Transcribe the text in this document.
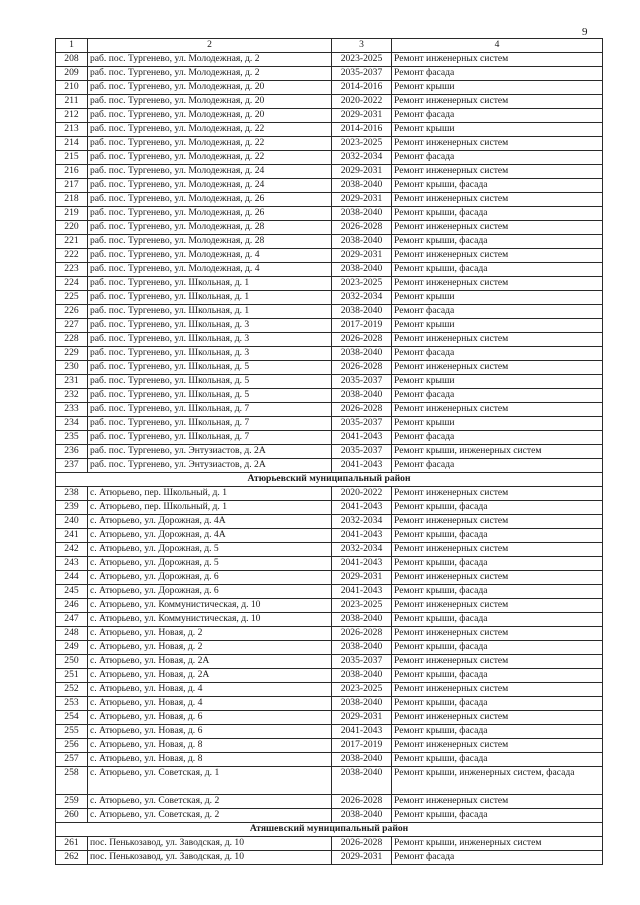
9
1	2	3	4
208	раб. пос. Тургенево, ул. Молодежная, д. 2	2023-2025	Ремонт инженерных систем
209	раб. пос. Тургенево, ул. Молодежная, д. 2	2035-2037	Ремонт фасада
210	раб. пос. Тургенево, ул. Молодежная, д. 20	2014-2016	Ремонт крыши
211	раб. пос. Тургенево, ул. Молодежная, д. 20	2020-2022	Ремонт инженерных систем
212	раб. пос. Тургенево, ул. Молодежная, д. 20	2029-2031	Ремонт фасада
213	раб. пос. Тургенево, ул. Молодежная, д. 22	2014-2016	Ремонт крыши
214	раб. пос. Тургенево, ул. Молодежная, д. 22	2023-2025	Ремонт инженерных систем
215	раб. пос. Тургенево, ул. Молодежная, д. 22	2032-2034	Ремонт фасада
216	раб. пос. Тургенево, ул. Молодежная, д. 24	2029-2031	Ремонт инженерных систем
217	раб. пос. Тургенево, ул. Молодежная, д. 24	2038-2040	Ремонт крыши, фасада
218	раб. пос. Тургенево, ул. Молодежная, д. 26	2029-2031	Ремонт инженерных систем
219	раб. пос. Тургенево, ул. Молодежная, д. 26	2038-2040	Ремонт крыши, фасада
220	раб. пос. Тургенево, ул. Молодежная, д. 28	2026-2028	Ремонт инженерных систем
221	раб. пос. Тургенево, ул. Молодежная, д. 28	2038-2040	Ремонт крыши, фасада
222	раб. пос. Тургенево, ул. Молодежная, д. 4	2029-2031	Ремонт инженерных систем
223	раб. пос. Тургенево, ул. Молодежная, д. 4	2038-2040	Ремонт крыши, фасада
224	раб. пос. Тургенево, ул. Школьная, д. 1	2023-2025	Ремонт инженерных систем
225	раб. пос. Тургенево, ул. Школьная, д. 1	2032-2034	Ремонт крыши
226	раб. пос. Тургенево, ул. Школьная, д. 1	2038-2040	Ремонт фасада
227	раб. пос. Тургенево, ул. Школьная, д. 3	2017-2019	Ремонт крыши
228	раб. пос. Тургенево, ул. Школьная, д. 3	2026-2028	Ремонт инженерных систем
229	раб. пос. Тургенево, ул. Школьная, д. 3	2038-2040	Ремонт фасада
230	раб. пос. Тургенево, ул. Школьная, д. 5	2026-2028	Ремонт инженерных систем
231	раб. пос. Тургенево, ул. Школьная, д. 5	2035-2037	Ремонт крыши
232	раб. пос. Тургенево, ул. Школьная, д. 5	2038-2040	Ремонт фасада
233	раб. пос. Тургенево, ул. Школьная, д. 7	2026-2028	Ремонт инженерных систем
234	раб. пос. Тургенево, ул. Школьная, д. 7	2035-2037	Ремонт крыши
235	раб. пос. Тургенево, ул. Школьная, д. 7	2041-2043	Ремонт фасада
236	раб. пос. Тургенево, ул. Энтузиастов, д. 2А	2035-2037	Ремонт крыши, инженерных систем
237	раб. пос. Тургенево, ул. Энтузиастов, д. 2А	2041-2043	Ремонт фасада
Атюрьевский муниципальный район			
238	с. Атюрьево, пер. Школьный, д. 1	2020-2022	Ремонт инженерных систем
239	с. Атюрьево, пер. Школьный, д. 1	2041-2043	Ремонт крыши, фасада
240	с. Атюрьево, ул. Дорожная, д. 4А	2032-2034	Ремонт инженерных систем
241	с. Атюрьево, ул. Дорожная, д. 4А	2041-2043	Ремонт крыши, фасада
242	с. Атюрьево, ул. Дорожная, д. 5	2032-2034	Ремонт инженерных систем
243	с. Атюрьево, ул. Дорожная, д. 5	2041-2043	Ремонт крыши, фасада
244	с. Атюрьево, ул. Дорожная, д. 6	2029-2031	Ремонт инженерных систем
245	с. Атюрьево, ул. Дорожная, д. 6	2041-2043	Ремонт крыши, фасада
246	с. Атюрьево, ул. Коммунистическая, д. 10	2023-2025	Ремонт инженерных систем
247	с. Атюрьево, ул. Коммунистическая, д. 10	2038-2040	Ремонт крыши, фасада
248	с. Атюрьево, ул. Новая, д. 2	2026-2028	Ремонт инженерных систем
249	с. Атюрьево, ул. Новая, д. 2	2038-2040	Ремонт крыши, фасада
250	с. Атюрьево, ул. Новая, д. 2А	2035-2037	Ремонт инженерных систем
251	с. Атюрьево, ул. Новая, д. 2А	2038-2040	Ремонт крыши, фасада
252	с. Атюрьево, ул. Новая, д. 4	2023-2025	Ремонт инженерных систем
253	с. Атюрьево, ул. Новая, д. 4	2038-2040	Ремонт крыши, фасада
254	с. Атюрьево, ул. Новая, д. 6	2029-2031	Ремонт инженерных систем
255	с. Атюрьево, ул. Новая, д. 6	2041-2043	Ремонт крыши, фасада
256	с. Атюрьево, ул. Новая, д. 8	2017-2019	Ремонт инженерных систем
257	с. Атюрьево, ул. Новая, д. 8	2038-2040	Ремонт крыши, фасада
258	с. Атюрьево, ул. Советская, д. 1	2038-2040	Ремонт крыши, инженерных систем, фасада
259	с. Атюрьево, ул. Советская, д. 2	2026-2028	Ремонт инженерных систем
260	с. Атюрьево, ул. Советская, д. 2	2038-2040	Ремонт крыши, фасада
Атяшевский муниципальный район			
261	пос. Пенькозавод, ул. Заводская, д. 10	2026-2028	Ремонт крыши, инженерных систем
262	пос. Пенькозавод, ул. Заводская, д. 10	2029-2031	Ремонт фасада
